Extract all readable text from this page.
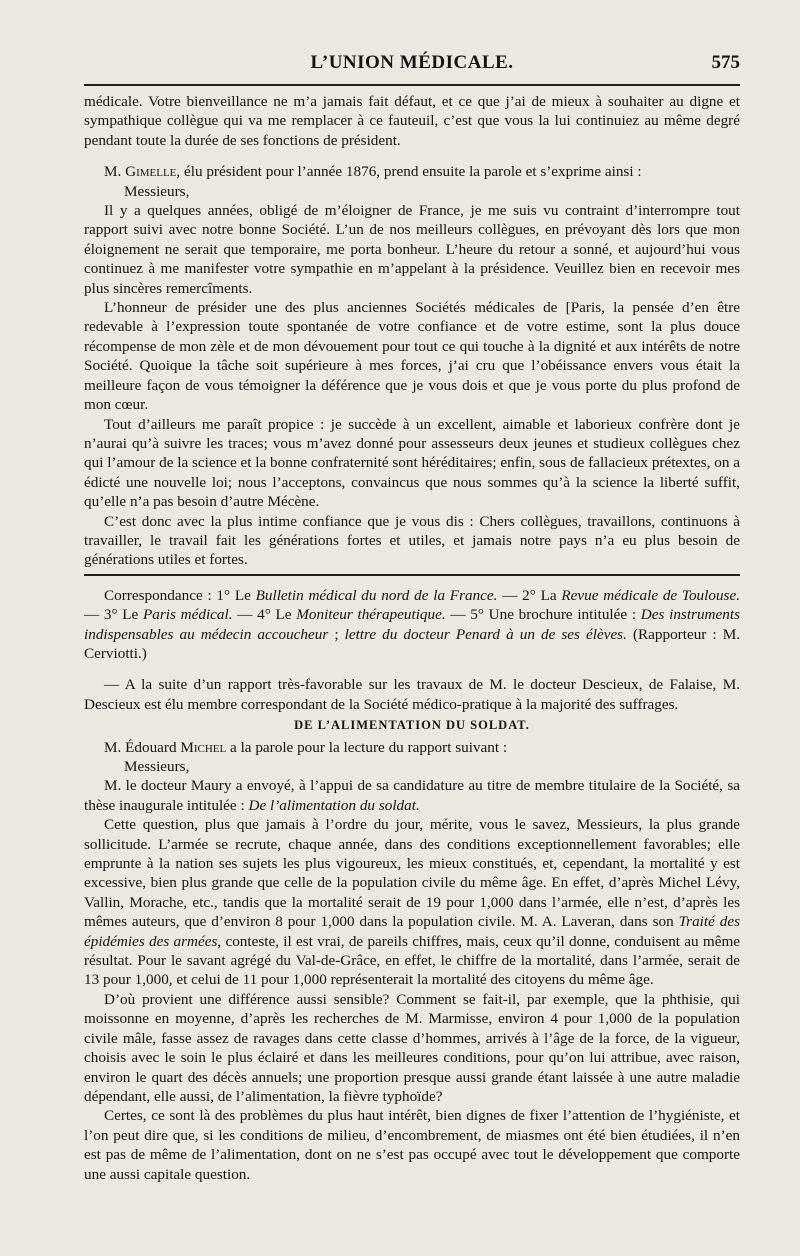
L’UNION MÉDICALE.	575

médicale. Votre bienveillance ne m’a jamais fait défaut, et ce que j’ai de mieux à souhaiter au digne et sympathique collègue qui va me remplacer à ce fauteuil, c’est que vous la lui continuiez au même degré pendant toute la durée de ses fonctions de président.

M. Gimelle, élu président pour l’année 1876, prend ensuite la parole et s’exprime ainsi :

Messieurs,

Il y a quelques années, obligé de m’éloigner de France, je me suis vu contraint d’interrompre tout rapport suivi avec notre bonne Société. L’un de nos meilleurs collègues, en prévoyant dès lors que mon éloignement ne serait que temporaire, me porta bonheur. L’heure du retour a sonné, et aujourd’hui vous continuez à me manifester votre sympathie en m’appelant à la présidence. Veuillez bien en recevoir mes plus sincères remercîments.

L’honneur de présider une des plus anciennes Sociétés médicales de [Paris, la pensée d’en être redevable à l’expression toute spontanée de votre confiance et de votre estime, sont la plus douce récompense de mon zèle et de mon dévouement pour tout ce qui touche à la dignité et aux intérêts de notre Société. Quoique la tâche soit supérieure à mes forces, j’ai cru que l’obéissance envers vous était la meilleure façon de vous témoigner la déférence que je vous dois et que je vous porte du plus profond de mon cœur.

Tout d’ailleurs me paraît propice : je succède à un excellent, aimable et laborieux confrère dont je n’aurai qu’à suivre les traces; vous m’avez donné pour assesseurs deux jeunes et studieux collègues chez qui l’amour de la science et la bonne confraternité sont héréditaires; enfin, sous de fallacieux prétextes, on a édicté une nouvelle loi; nous l’acceptons, convaincus que nous sommes qu’à la science la liberté suffit, qu’elle n’a pas besoin d’autre Mécène.

C’est donc avec la plus intime confiance que je vous dis : Chers collègues, travaillons, continuons à travailler, le travail fait les générations fortes et utiles, et jamais notre pays n’a eu plus besoin de générations utiles et fortes.

Correspondance : 1° Le Bulletin médical du nord de la France. — 2° La Revue médicale de Toulouse. — 3° Le Paris médical. — 4° Le Moniteur thérapeutique. — 5° Une brochure intitulée : Des instruments indispensables au médecin accoucheur ; lettre du docteur Penard à un de ses élèves. (Rapporteur : M. Cerviotti.)

— A la suite d’un rapport très-favorable sur les travaux de M. le docteur Descieux, de Falaise, M. Descieux est élu membre correspondant de la Société médico-pratique à la majorité des suffrages.

DE L’ALIMENTATION DU SOLDAT.

M. Édouard Michel a la parole pour la lecture du rapport suivant :

Messieurs,

M. le docteur Maury a envoyé, à l’appui de sa candidature au titre de membre titulaire de la Société, sa thèse inaugurale intitulée : De l’alimentation du soldat.

Cette question, plus que jamais à l’ordre du jour, mérite, vous le savez, Messieurs, la plus grande sollicitude. L’armée se recrute, chaque année, dans des conditions exceptionnellement favorables; elle emprunte à la nation ses sujets les plus vigoureux, les mieux constitués, et, cependant, la mortalité y est excessive, bien plus grande que celle de la population civile du même âge. En effet, d’après Michel Lévy, Vallin, Morache, etc., tandis que la mortalité serait de 19 pour 1,000 dans l’armée, elle n’est, d’après les mêmes auteurs, que d’environ 8 pour 1,000 dans la population civile. M. A. Laveran, dans son Traité des épidémies des armées, conteste, il est vrai, de pareils chiffres, mais, ceux qu’il donne, conduisent au même résultat. Pour le savant agrégé du Val-de-Grâce, en effet, le chiffre de la mortalité, dans l’armée, serait de 13 pour 1,000, et celui de 11 pour 1,000 représenterait la mortalité des citoyens du même âge.

D’où provient une différence aussi sensible? Comment se fait-il, par exemple, que la phthisie, qui moissonne en moyenne, d’après les recherches de M. Marmisse, environ 4 pour 1,000 de la population civile mâle, fasse assez de ravages dans cette classe d’hommes, arrivés à l’âge de la force, de la vigueur, choisis avec le soin le plus éclairé et dans les meilleures conditions, pour qu’on lui attribue, avec raison, environ le quart des décès annuels; une proportion presque aussi grande étant laissée à une autre maladie dépendant, elle aussi, de l’alimentation, la fièvre typhoïde?

Certes, ce sont là des problèmes du plus haut intérêt, bien dignes de fixer l’attention de l’hygiéniste, et l’on peut dire que, si les conditions de milieu, d’encombrement, de miasmes ont été bien étudiées, il n’en est pas de même de l’alimentation, dont on ne s’est pas occupé avec tout le développement que comporte une aussi capitale question.
